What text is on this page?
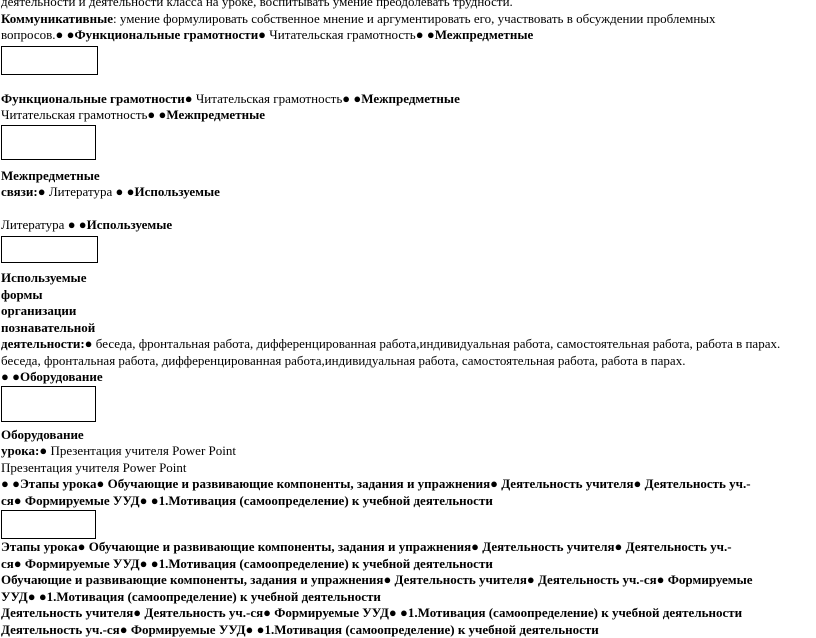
деятельности и деятельности класса на уроке, воспитывать умение преодолевать трудности.
Коммуникативные: умение формулировать собственное мнение и аргументировать его, участвовать в обсуждении проблемных
вопросов.● ●Функциональные грамотности● Читательская грамотность● ●Межпредметные
Функциональные грамотности● Читательская грамотность● ●Межпредметные
Читательская грамотность● ●Межпредметные
Межпредметные
связи:● Литература ● ●Используемые
Литература ● ●Используемые
Используемые
формы
организации
познавательной
деятельности:● беседа, фронтальная работа, дифференцированная работа,индивидуальная работа, самостоятельная работа, работа в парах.
беседа, фронтальная работа, дифференцированная работа,индивидуальная работа, самостоятельная работа, работа в парах.
● ●Оборудование
Оборудование
урока:● Презентация учителя Power Point
Презентация учителя Power Point
● ●Этапы урока● Обучающие и развивающие компоненты, задания и упражнения● Деятельность учителя● Деятельность уч.-
ся● Формируемые УУД● ●1.Мотивация (самоопределение) к учебной деятельности
Этапы урока● Обучающие и развивающие компоненты, задания и упражнения● Деятельность учителя● Деятельность уч.-
ся● Формируемые УУД● ●1.Мотивация (самоопределение) к учебной деятельности
Обучающие и развивающие компоненты, задания и упражнения● Деятельность учителя● Деятельность уч.-ся● Формируемые
УУД● ●1.Мотивация (самоопределение) к учебной деятельности
Деятельность учителя● Деятельность уч.-ся● Формируемые УУД● ●1.Мотивация (самоопределение) к учебной деятельности
Деятельность уч.-ся● Формируемые УУД● ●1.Мотивация (самоопределение) к учебной деятельности
